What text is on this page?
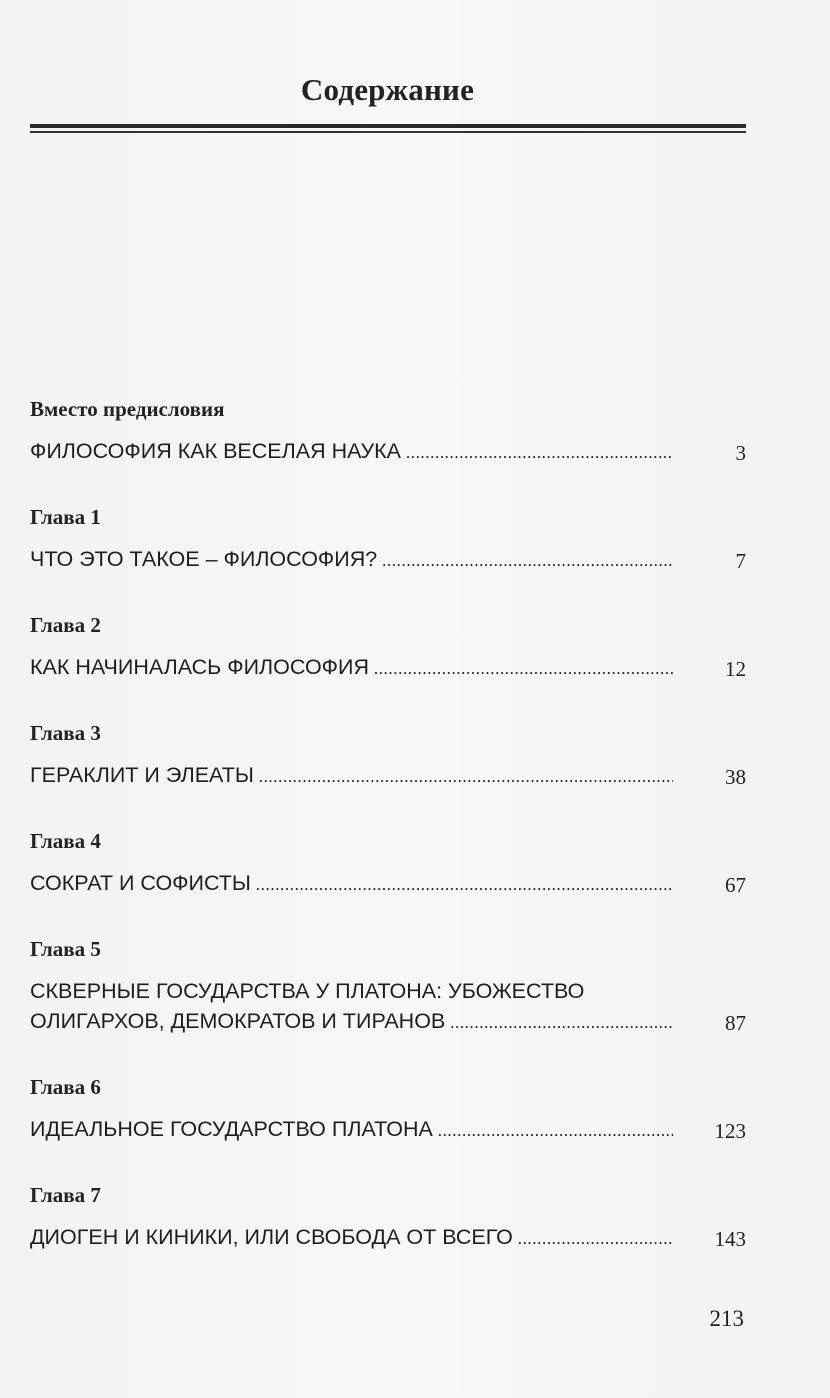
Содержание
Вместо предисловия
ФИЛОСОФИЯ КАК ВЕСЕЛАЯ НАУКА .....	3
Глава 1
ЧТО ЭТО ТАКОЕ – ФИЛОСОФИЯ? .....	7
Глава 2
КАК НАЧИНАЛАСЬ ФИЛОСОФИЯ .....	12
Глава 3
ГЕРАКЛИТ И ЭЛЕАТЫ .....	38
Глава 4
СОКРАТ И СОФИСТЫ .....	67
Глава 5
СКВЕРНЫЕ ГОСУДАРСТВА У ПЛАТОНА: УБОЖЕСТВО
ОЛИГАРХОВ, ДЕМОКРАТОВ И ТИРАНОВ .....	87
Глава 6
ИДЕАЛЬНОЕ ГОСУДАРСТВО ПЛАТОНА .....	123
Глава 7
ДИОГЕН И КИНИКИ, ИЛИ СВОБОДА ОТ ВСЕГО .....	143
213
